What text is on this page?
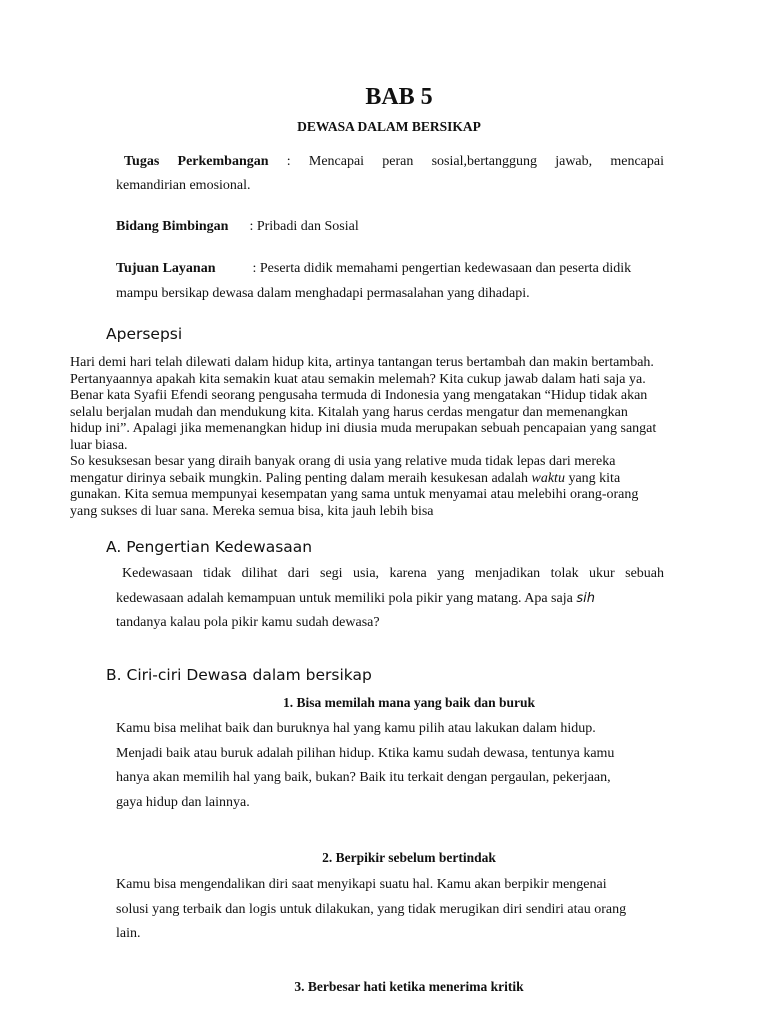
BAB 5
DEWASA DALAM BERSIKAP
Tugas Perkembangan : Mencapai peran sosial,bertanggung jawab, mencapai
kemandirian emosional.
Bidang Bimbingan : Pribadi dan Sosial
Tujuan Layanan	: Peserta didik memahami pengertian kedewasaan dan peserta didik
mampu bersikap dewasa dalam menghadapi permasalahan yang dihadapi.
Apersepsi
Hari demi hari telah dilewati dalam hidup kita, artinya tantangan terus bertambah dan makin bertambah.
Pertanyaannya apakah kita semakin kuat atau semakin melemah? Kita cukup jawab dalam hati saja ya.
Benar kata Syafii Efendi seorang pengusaha termuda di Indonesia yang mengatakan “Hidup tidak akan
selalu berjalan mudah dan mendukung kita. Kitalah yang harus cerdas mengatur dan memenangkan
hidup ini”. Apalagi jika memenangkan hidup ini diusia muda merupakan sebuah pencapaian yang sangat
luar biasa.
So kesuksesan besar yang diraih banyak orang di usia yang relative muda tidak lepas dari mereka
mengatur dirinya sebaik mungkin. Paling penting dalam meraih kesukesan adalah waktu yang kita
gunakan. Kita semua mempunyai kesempatan yang sama untuk menyamai atau melebihi orang-orang
yang sukses di luar sana. Mereka semua bisa, kita jauh lebih bisa
A. Pengertian Kedewasaan
Kedewasaan tidak dilihat dari segi usia, karena yang menjadikan tolak ukur sebuah
kedewasaan adalah kemampuan untuk memiliki pola pikir yang matang. Apa saja sih
tandanya kalau pola pikir kamu sudah dewasa?
B. Ciri-ciri Dewasa dalam bersikap
1. Bisa memilah mana yang baik dan buruk
Kamu bisa melihat baik dan buruknya hal yang kamu pilih atau lakukan dalam hidup.
Menjadi baik atau buruk adalah pilihan hidup. Ktika kamu sudah dewasa, tentunya kamu
hanya akan memilih hal yang baik, bukan? Baik itu terkait dengan pergaulan, pekerjaan,
gaya hidup dan lainnya.
2. Berpikir sebelum bertindak
Kamu bisa mengendalikan diri saat menyikapi suatu hal. Kamu akan berpikir mengenai
solusi yang terbaik dan logis untuk dilakukan, yang tidak merugikan diri sendiri atau orang
lain.
3. Berbesar hati ketika menerima kritik
